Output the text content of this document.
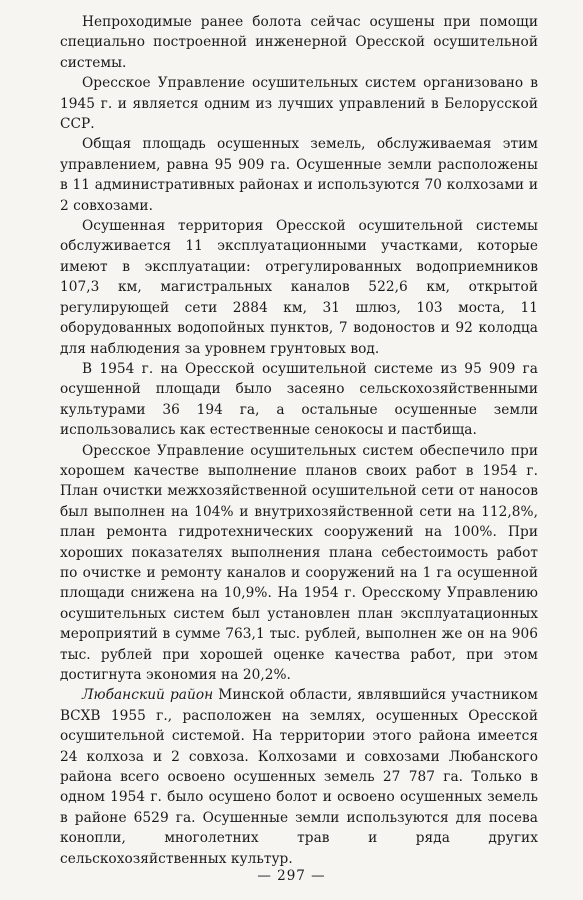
Непроходимые ранее болота сейчас осушены при помощи специально построенной инженерной Оресской осушительной системы.

Оресское Управление осушительных систем организовано в 1945 г. и является одним из лучших управлений в Белорусской ССР.

Общая площадь осушенных земель, обслуживаемая этим управлением, равна 95 909 га. Осушенные земли расположены в 11 административных районах и используются 70 колхозами и 2 совхозами.

Осушенная территория Оресской осушительной системы обслуживается 11 эксплуатационными участками, которые имеют в эксплуатации: отрегулированных водоприемников 107,3 км, магистральных каналов 522,6 км, открытой регулирующей сети 2884 км, 31 шлюз, 103 моста, 11 оборудованных водопойных пунктов, 7 водоностов и 92 колодца для наблюдения за уровнем грунтовых вод.

В 1954 г. на Оресской осушительной системе из 95 909 га осушенной площади было засеяно сельскохозяйственными культурами 36 194 га, а остальные осушенные земли использовались как естественные сенокосы и пастбища.

Оресское Управление осушительных систем обеспечило при хорошем качестве выполнение планов своих работ в 1954 г. План очистки межхозяйственной осушительной сети от наносов был выполнен на 104% и внутрихозяйственной сети на 112,8%, план ремонта гидротехнических сооружений на 100%. При хороших показателях выполнения плана себестоимость работ по очистке и ремонту каналов и сооружений на 1 га осушенной площади снижена на 10,9%. На 1954 г. Оресскому Управлению осушительных систем был установлен план эксплуатационных мероприятий в сумме 763,1 тыс. рублей, выполнен же он на 906 тыс. рублей при хорошей оценке качества работ, при этом достигнута экономия на 20,2%.

Любанский район Минской области, являвшийся участником ВСХВ 1955 г., расположен на землях, осушенных Оресской осушительной системой. На территории этого района имеется 24 колхоза и 2 совхоза. Колхозами и совхозами Любанского района всего освоено осушенных земель 27 787 га. Только в одном 1954 г. было осушено болот и освоено осушенных земель в районе 6529 га. Осушенные земли используются для посева конопли, многолетних трав и ряда других сельскохозяйственных культур.

— 297 —
